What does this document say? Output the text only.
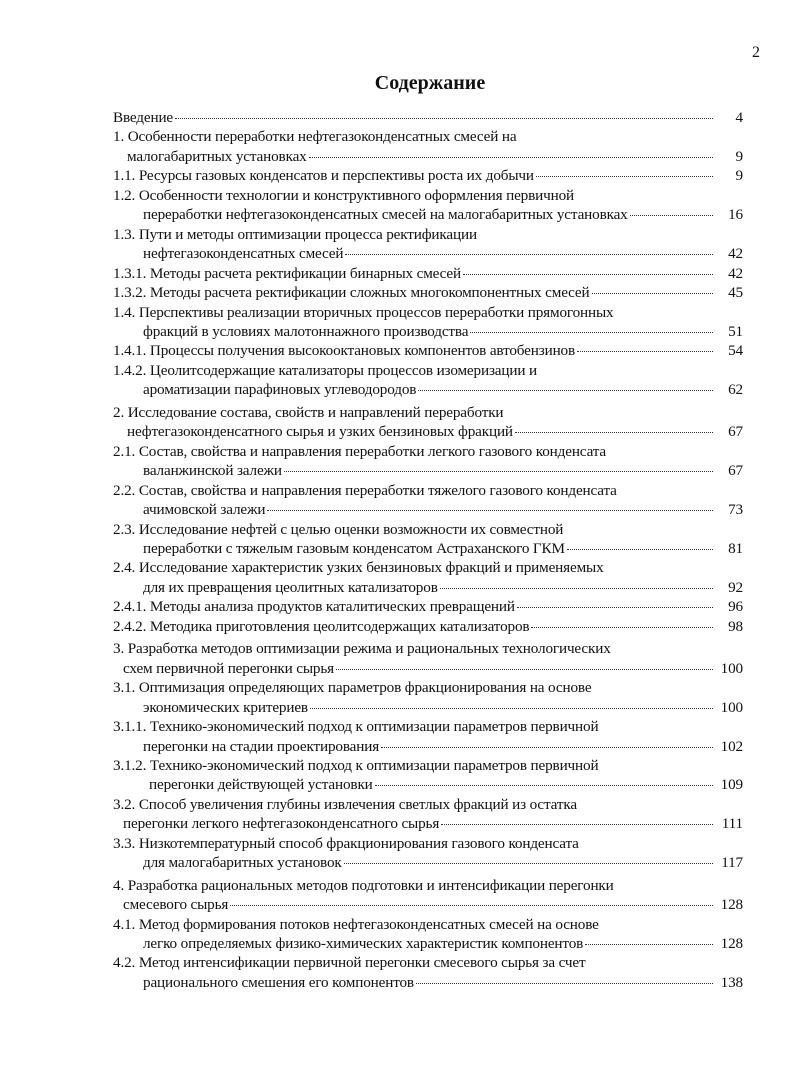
2
Содержание
Введение	4
1. Особенности переработки нефтегазоконденсатных смесей на
малогабаритных установках	9
1.1. Ресурсы газовых конденсатов и перспективы роста их добычи	9
1.2. Особенности технологии и конструктивного оформления первичной
переработки нефтегазоконденсатных смесей на малогабаритных установках	16
1.3. Пути и методы оптимизации процесса ректификации
нефтегазоконденсатных смесей	42
1.3.1. Методы расчета ректификации бинарных смесей	42
1.3.2. Методы расчета ректификации сложных многокомпонентных смесей	45
1.4. Перспективы реализации вторичных процессов переработки прямогонных
фракций в условиях малотоннажного производства	51
1.4.1. Процессы получения высокооктановых компонентов автобензинов	54
1.4.2. Цеолитсодержащие катализаторы процессов изомеризации и
ароматизации парафиновых углеводородов	62
2. Исследование состава, свойств и направлений переработки
нефтегазоконденсатного сырья и узких бензиновых фракций	67
2.1. Состав, свойства и направления переработки легкого газового конденсата
валанжинской залежи	67
2.2. Состав, свойства и направления переработки тяжелого газового конденсата
ачимовской залежи	73
2.3. Исследование нефтей с целью оценки возможности их совместной
переработки с тяжелым газовым конденсатом Астраханского ГКМ	81
2.4. Исследование характеристик узких бензиновых фракций и применяемых
для их превращения цеолитных катализаторов	92
2.4.1. Методы анализа продуктов каталитических превращений	96
2.4.2. Методика приготовления цеолитсодержащих катализаторов	98
3. Разработка методов оптимизации режима и рациональных технологических
схем первичной перегонки сырья	100
3.1. Оптимизация определяющих параметров фракционирования на основе
экономических критериев	100
3.1.1. Технико-экономический подход к оптимизации параметров первичной
перегонки на стадии проектирования	102
3.1.2. Технико-экономический подход к оптимизации параметров первичной
перегонки действующей установки	109
3.2. Способ увеличения глубины извлечения светлых фракций из остатка
перегонки легкого нефтегазоконденсатного сырья	111
3.3. Низкотемпературный способ фракционирования газового конденсата
для малогабаритных установок	117
4. Разработка рациональных методов подготовки и интенсификации перегонки
смесевого сырья	128
4.1. Метод формирования потоков нефтегазоконденсатных смесей на основе
легко определяемых физико-химических характеристик компонентов	128
4.2. Метод интенсификации первичной перегонки смесевого сырья за счет
рационального смешения его компонентов	138
